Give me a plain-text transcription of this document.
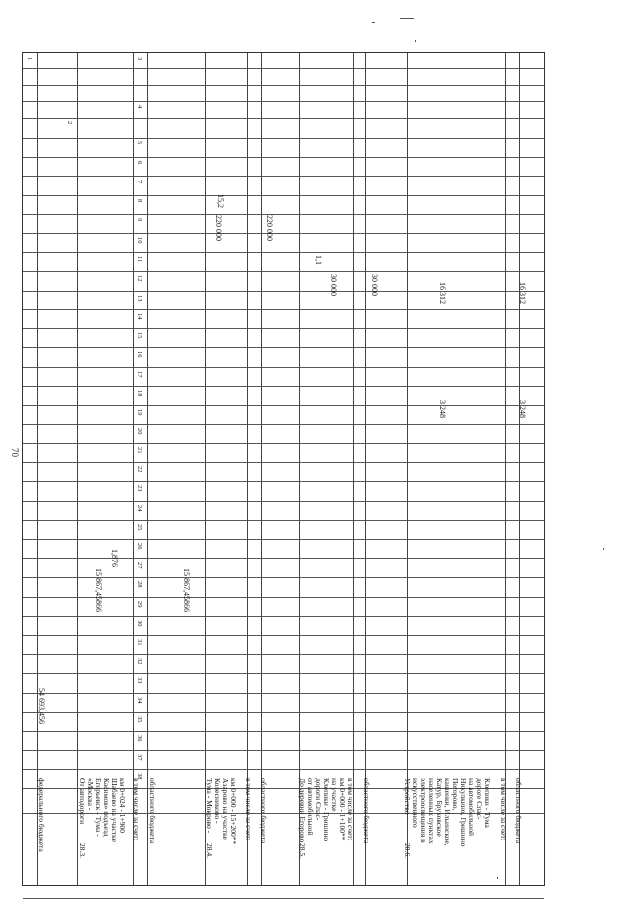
70
1
2
3
4
5
6
7
8
9
10
11
12
13
14
15
16
17
18
19
20
21
22
23
24
25
26
27
28
29
30
31
32
33
34
35
36
37
38
федерального бюджета
54 693,456
28.3.
От автодороги «Москва - Егорьевск - Тума - Касимов» подъезд Шабаево на участке км 0+024 - 1+900 в том числе за счет: областного бюджета
15 867,45866
1,876
15 867,45866
28.4.
Тума - Мокрово - Колесниково - Азарово на участке км 0+000 - 15+200** в том числе за счет: областного бюджета
220 000
15,2
220 000
28.5.
До деревни Егорово от автомобильной дороги Спас- Клепики - Гришино на участке км 0+000 - 1+100** в том числе за счет: областного бюджета
30 000
1,1
30 000
28.6.
Устройство искусственного электроосвещения в населенных пунктах Катур, Бруховское кашенки, Ильинское, Погорово, Никулкино, Гришино на автомобильной дороге Спас- Клепики - Тума в том числе за счет: областного бюджета
3 248
16 312
3 248
16 312
